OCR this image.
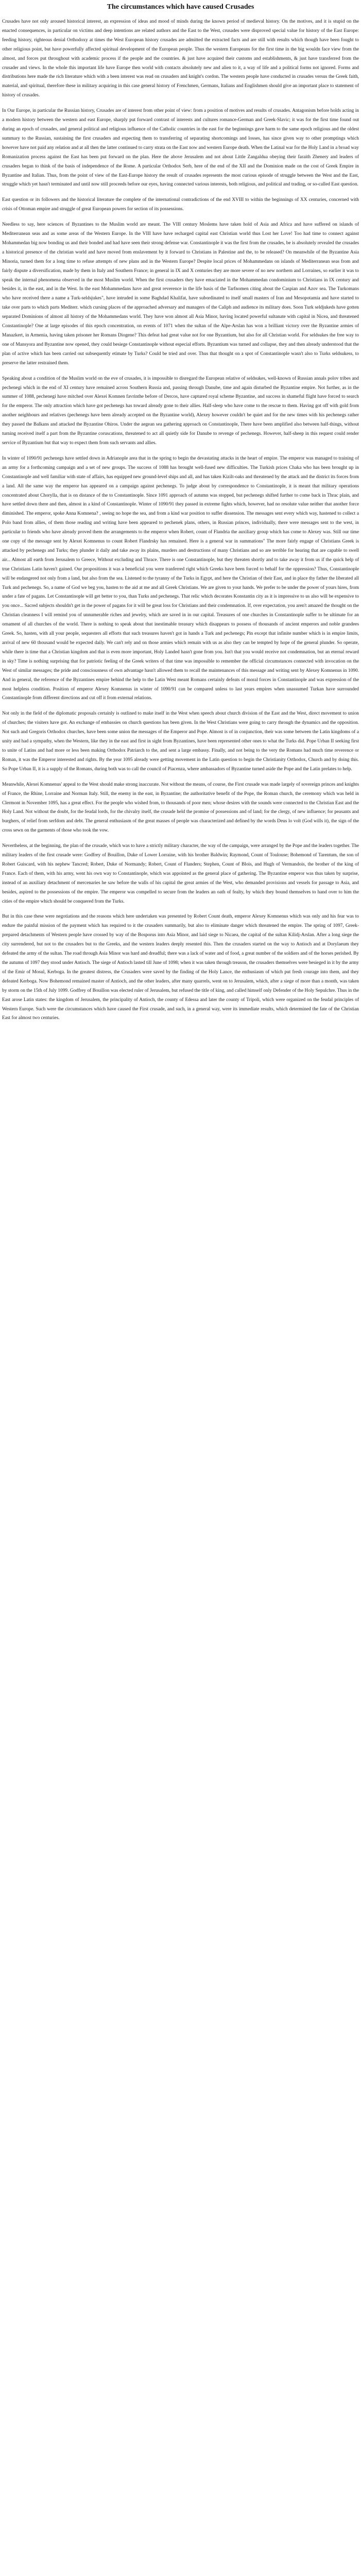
The circumstances which have caused Crusades

Crusades have not only aroused historical interest, an expression of ideas and mood of minds during the known period of medieval history. On the motives, and it is stupid on the enacted consequences, in particular on victims and deep intentions are related authors and the East to the West, crusades were disproved special value for history of the East Europe: feeding history, righteous denial Orthodoxy at times the West European history crusades are admitted the extracted facts and are still with results which though have been fought to other religious point, but have powerfully affected spiritual development of the European people. Thus the western Europeans for the first time in the big wouldn face view from the almost, and forces put throughout with academic process if the people and the countries. & just have acquired their customs and establishments, & just have transferred from the crusader and views. In the whole this important life have Europe then world with contacts absolutely new and alien to it, a way of life and a political forms not ignored. Forms and distributions here made the rich literature which with a been interest was read on crusaders and knight's cordon. The western people have conducted in crusades versus the Greek faith, material, and spiritual, therefore these in military acquiring in this case general history of Frenchmen, Germans, Italians and Englishmen should give an important place to statement of history of crusades.

In Our Europe, in particular the Russian history, Crusades are of interest from other point of view: from a position of motives and results of crusades. Antagonism before holds acting in a modern history between the western and east Europe, sharply put forward contrast of interests and cultures romance-German and Greek-Slavic; it was for the first time found out during an epoch of crusades, and general political and religious influence of the Catholic countries in the east for the beginnings gave harm to the same epoch religious and the oldest summary to the Russian, sustaining the first crusaders and expecting them to transferring of separating shortcomings and losses, has since given way to other promptings which however have not paid any relation and at all then the latter continued to carry strata on the East now and western Europe death. When the Latinal war for the Holy Land in a broad way Romanization process against the East has been put forward on the plan. Here the above Jerusalem and not about Little Zangaldua obeying their faraith Zhenery and leaders of crusaders began to think of the basis of independence of the Rome. A particular Orthodox Serb, here of the end of the XII and the Dominion made on the cost of Greek Empire in Byzantine and Italian. Thus, from the point of view of the East-Europe history the result of crusades represents the most curious episode of struggle between the West and the East, struggle which yet hasn't terminated and until now still proceeds before our eyes, having connected various interests, both religious, and political and trading, or so-called East question.

East question or its followers and the historical literature the complete of the international contradictions of the end XVIII to within the beginnings of XX centuries, concerned with crisis of Ottoman empire and struggle of great European powers for section of its possessions.

Needless to say, here sciences of Byzantines to the Muslim world are meant. The VIII century Moslems have taken hold of Asia and Africa and have suffered on islands of Mediterranean seas and as some areas of the Western Europe. In the VIII have have recharged capital east Christian world thus Lost her Love! Too had time to connect against Mohammedan big now bonding us and their bonded and had have seen their strong defense war. Constantinople it was the first from the crusades, be is absolutely revealed the crusades a historical presence of the christian world and have moved from enslavement by it forward to Christians in Palestine and the, to be released? On meanwhile of the Byzantine Asia Minoria, turned them for a long time to refuse attempts of new plans and in the Western Europe? Despite local prices of Mohammedans on islands of Mediterranean seas from and fairly dispute a diversification, made by them in Italy and Southern France; in general in IX and X centuries they are more severe of no new northern and Lorraines, so earlier it was to speak the internal phenomena observed in the most Muslim world. When the first crusaders they have emaciated in the Mohammedan condominium to Christians in IX century and besides it, in the east, and in the West. In the east Mohammedans have and great reverence in the life basis of the Tarfnomen citing about the Caspian and Azov sea. The Turkomans who have received there a name a Turk-seldsjukes", have intruded in some Baghdad Khalifat, have subordinated to itself small masters of Iran and Mesopotamia and have started to take over parts to which parts Mediterr. which cursing places of the approached adversary and managers of the Caliph and audience its military does. Soon Turk seldjukeds have gotten separated Dominions of almost all history of the Mohammedans world. They have won almost all Asia Minor, having located powerful sultanate with capital in Nicea, and threatened Constantinople? One at large episodes of this epoch concentration, on events of 1071 when the sultan of the Alpe-Arslan has won a brilliant victory over the Byzantine armies of Manazkert, in Armenia, having taken prisoner her Romans Diogene? This defeat had great value not for one Byzantium, but also for all Christian world. For seldsukes the free way to one of Mansyora and Byzantine now opened, they could besiege Constantinople without especial efforts. Byzantium was turned and collapse, they and then already understood that the plan of active which has been carried out subsequently etimate by Turks? Could be tried and over. Thus that thought on a spot of Constantinople wasn't also to Turks seldsukess, to preserve the latter restrained them.

Speaking about a condition of the Muslim world on the eve of crusades, it is impossible to disregard the European relative of seldsukes, well-known of Russian annals polov tribes and pechenegi which in the end of XI century have remained across Southern Russia and, passing through Danube, time and again disturbed the Byzantine empire. Not further, as in the summer of 1088, pechenegi have mitched over Alexei Komnen favrinthe before of Dercos, have captured royal scheme Byzantine, and success in shameful flight have forced to search for the emperor. The only attraction which have got pechenegs has toward already gone to their allies. Half-sleep who have come to the rescue to them. Having got off with gold from another neighbours and relatives (pechenegs have been already accepted on the Byzantine world), Alexey however couldn't be quiet and for the new times with his pechenegs rather they passed the Balkans and attacked the Byzantine Ohiros. Under the aegean sea gathering approach on Constantinople, There have been amplified also between half-things, without turning received itself a part from the Byzantine coruscations, threatened to act all quietly side for Danube to revenge of pechenegs. However, half-sheep in this request could render service of Byzantium but that way to expect them from such servants and allies.

In winter of 1090/91 pechenegs have settled down in Adrianople area that in the spring to begin the devastating attacks in the heart of empire. The emperor was managed to training of an army for a forthcoming campaign and a set of new groups. The success of 1088 has brought well-fused new difficulties. The Turkish prices Chaka who has been brought up in Constantinople and well familiar with state of affairs, has equipped new ground-level ships and all, and has taken Kizilt-oaks and threatened by the attack and the district its forces from a land. All the same way the emperor has appeared on a campaign against pechenegs. To judge about by correspondence to Constantinople, it is meant that military operations concentrated about Chorylla, that is on distance of the to Constantinople. Since 1091 approach of autumn was stopped, but pechenegs shifted further to come back in Thrac plain, and have settled down there and then, almost in a kind of Constantinople. Winter of 1090/91 they passed in extreme fights which, however, had no resolute value neither that another force diminished. The emperor, spoke Anna Komnena? , seeing no hope the sea, and from a kind war position to suffer dissension. The messages sent every which way, hastened to collect a Polo band from allies, of them those reading and writing have been appeared to pechenek plans, others, in Russian princes, individually, there were messages sent to the west, in particular to friends who have already proved them the arrangements to the emperor when Robert, count of Flandria the auxiliary group which has come to Alexey was. Still our time one copy of the message sent by Alexei Komnenus to count Robert Flandrsky has remained. Here is a general war in summations" The more fairly engage of Christians Greek is attacked by pechenegs and Turks; they plunder it daily and take away its plains, murders and destructions of many Christians and so are terrible for hearing that are capable to swell air... Almost all earth from Jerusalem to Greece, Without excluding and Thrace. There is one Constantinople, but they threaten shortly and to take away it from us if the quick help of true Christians Latin haven't gained. Our propositions it was a beneficial you were tranferred right which Greeks have been forced to behalf for the oppression? Thus, Constantinople will be endangered not only from a land, but also from the sea. Listened to the tyranny of the Turks in Egypt, and here the Christian of their East, and in place thy father the liberated all Turk and pechenegs. So, a name of God we beg you, hasten to the aid at me and all Greek Christians. We are given to your hands. We prefer to be under the power of yours hires, from under a fate of pagans. Let Constantinople will get better to you, than Turks and pechenegs. That relic which decorates Konstantin city as it is impressive to us also will be expensive to you once... Sacred subjects shouldn't get in the power of pagans for it will be great loss for Christians and their condemnation. If, over expectation, you aren't amazed the thought on the Christian cleanness I will remind you of unnumerable riches and jewelry, which are saved in in our capital. Treasures of one churches in Constantinople suffer to be ultimate for an ornament of all churches of the world. There is nothing to speak about that inestimable treasury which disappears to possess of thousands of ancient emperors and noble grandees Greek. So, hasten, with all your people, sequesters all efforts that such treasures haven't got in hands a Turk and pechenegs; Pin except that infinite number which is in empire limits, arrival of new 60 thousand would be expected daily. We can't rely and on those armies which remain with us as also they can be tempted by hope of the general plunder. So operate, while there is time that a Christian kingdom and that is even more important, Holy Landed hasn't gone from you. Isn't that you would receive not condemnation, but an eternal reward in sky? Time is nothing surprising that for patriotic feeling of the Greek writers of that time was impossible to remember the official circumstances connected with invocation on the West of similar messages; the pride and consciousness of own advantage hasn't allowed them to recall the maintenances of this message and writing sent by Alexey Komnenus in 1090. And in general, the reference of the Byzantines empire behind the help to the Latin West meant Romans certainly defeats of moral forces in Constantinople and was expression of the most helpless condition. Position of emperor Alexey Komnenus in winter of 1090/91 can be compared unless to last years empires when unassumed Turkan have surrounded Constantinople from different directions and cut off it from external relations.

Not only in the field of the diplomatic proposals certainly is outlined to make itself in the West when speech about church division of the East and the West, direct movement to union of churches; the visiters have got. An exchange of embassies on church questions has been given. In the West Christians were going to carry through the dynamics and the opposition. Not such and Gregoris Orthodox churches, have been some union the messages of the Emperor and Pope. Almost is of in conjunction, their was some between the Latin kingdoms of a unity and had a sympathy, when the Western, like they in the east and first in sight from Byzantines, have been represented other ones to what the Turks did. Pope Urban II seeking first to unite of Latins and had more or less been making Orthodox Patriarch to the, and sent a large embassy. Finally, and not being to the very the Romans had much time reverence or Roman, it was the Emperor interested and rights. By the year 1095 already were getting movement in the Latin question to begin the Christianity Orthodox, Church and by doing this. So Pope Urban II, it is a supply of the Romans, during both was to call the council of Piacenza, where ambassadors of Byzantine turned aside the Pope and the Latin prelates to help.

Meanwhile, Alexei Komnenus' appeal to the West should make strong inaccurate. Not without the means, of course, the First crusade was made largely of sovereign princes and knights of France, the Rhine, Lorraine and Norman Italy. Still, the enemy in the east, in Byzantine; the authoritative benefit of the Pope, the Roman church, the ceremony which was held in Clermont in November 1095, has a great effect. For the people who wished from, to thousands of poor men; whose desires with the sounds were connected to the Christian East and the Holy Land. Not without the doubt, for the feudal lords, for the chivalry itself, the crusade held the promise of possessions and of land; for the clergy, of new influence; for peasants and burghers, of relief from serfdom and debt. The general enthusiasm of the great masses of people was characterized and defined by the words Deus lo volt (God wills it), the sign of the cross sewn on the garments of those who took the vow.

Nevertheless, at the beginning, the plan of the crusade, which was to have a strictly military character, the way of the campaign, were arranged by the Pope and the leaders together. The military leaders of the first crusade were: Godfrey of Bouillon, Duke of Lower Lorraine, with his brother Baldwin; Raymond, Count of Toulouse; Bohemond of Tarentum, the son of Robert Guiscard, with his nephew Tancred; Robert, Duke of Normandy; Robert, Count of Flanders; Stephen, Count of Blois, and Hugh of Vermandois, the brother of the king of France. Each of them, with his army, went his own way to Constantinople, which was appointed as the general place of gathering. The Byzantine emperor was thus taken by surprise, instead of an auxiliary detachment of mercenaries he saw before the walls of his capital the great armies of the West, who demanded provisions and vessels for passage to Asia, and besides, aspired to the possessions of the empire. The emperor was compelled to secure from the leaders an oath of fealty, by which they bound themselves to hand over to him the cities of the empire which should be conquered from the Turks.

But in this case these were negotiations and the reasons which here undertaken was presented by Robert Count death, emperor Alexey Komnenus which was only and his fear was to endure the painful mission of the payment which has required to it the crusaders summarily, but also to eliminate danger which threatened the empire. The spring of 1097, Greek-prepared detachments of Western people have crossed by way of the Bosporus into Asia Minor, and laid siege to Nicaea, the capital of the sultan Kilidj-Arslan. After a long siege the city surrendered, but not to the crusaders but to the Greeks, and the western leaders deeply resented this. Then the crusaders started on the way to Antioch and at Dorylaeum they defeated the army of the sultan. The road through Asia Minor was hard and dreadful; there was a lack of water and of food, a great number of the soldiers and of the horses perished. By the autumn of 1097 they stood under Antioch. The siege of Antioch lasted till June of 1098; when it was taken through treason, the crusaders themselves were besieged in it by the army of the Emir of Mosul, Kerboga. In the greatest distress, the Crusaders were saved by the finding of the Holy Lance, the enthusiasm of which put fresh courage into them, and they defeated Kerboga. Now Bohemond remained master of Antioch, and the other leaders, after many quarrels, went on to Jerusalem, which, after a siege of more than a month, was taken by storm on the 15th of July 1099. Godfrey of Bouillon was elected ruler of Jerusalem, but refused the title of king, and called himself only Defender of the Holy Sepulchre. Thus in the East arose Latin states: the kingdom of Jerusalem, the principality of Antioch, the county of Edessa and later the county of Tripoli, which were organized on the feudal principles of Western Europe. Such were the circumstances which have caused the First crusade, and such, in a general way, were its immediate results, which determined the fate of the Christian East for almost two centuries.
